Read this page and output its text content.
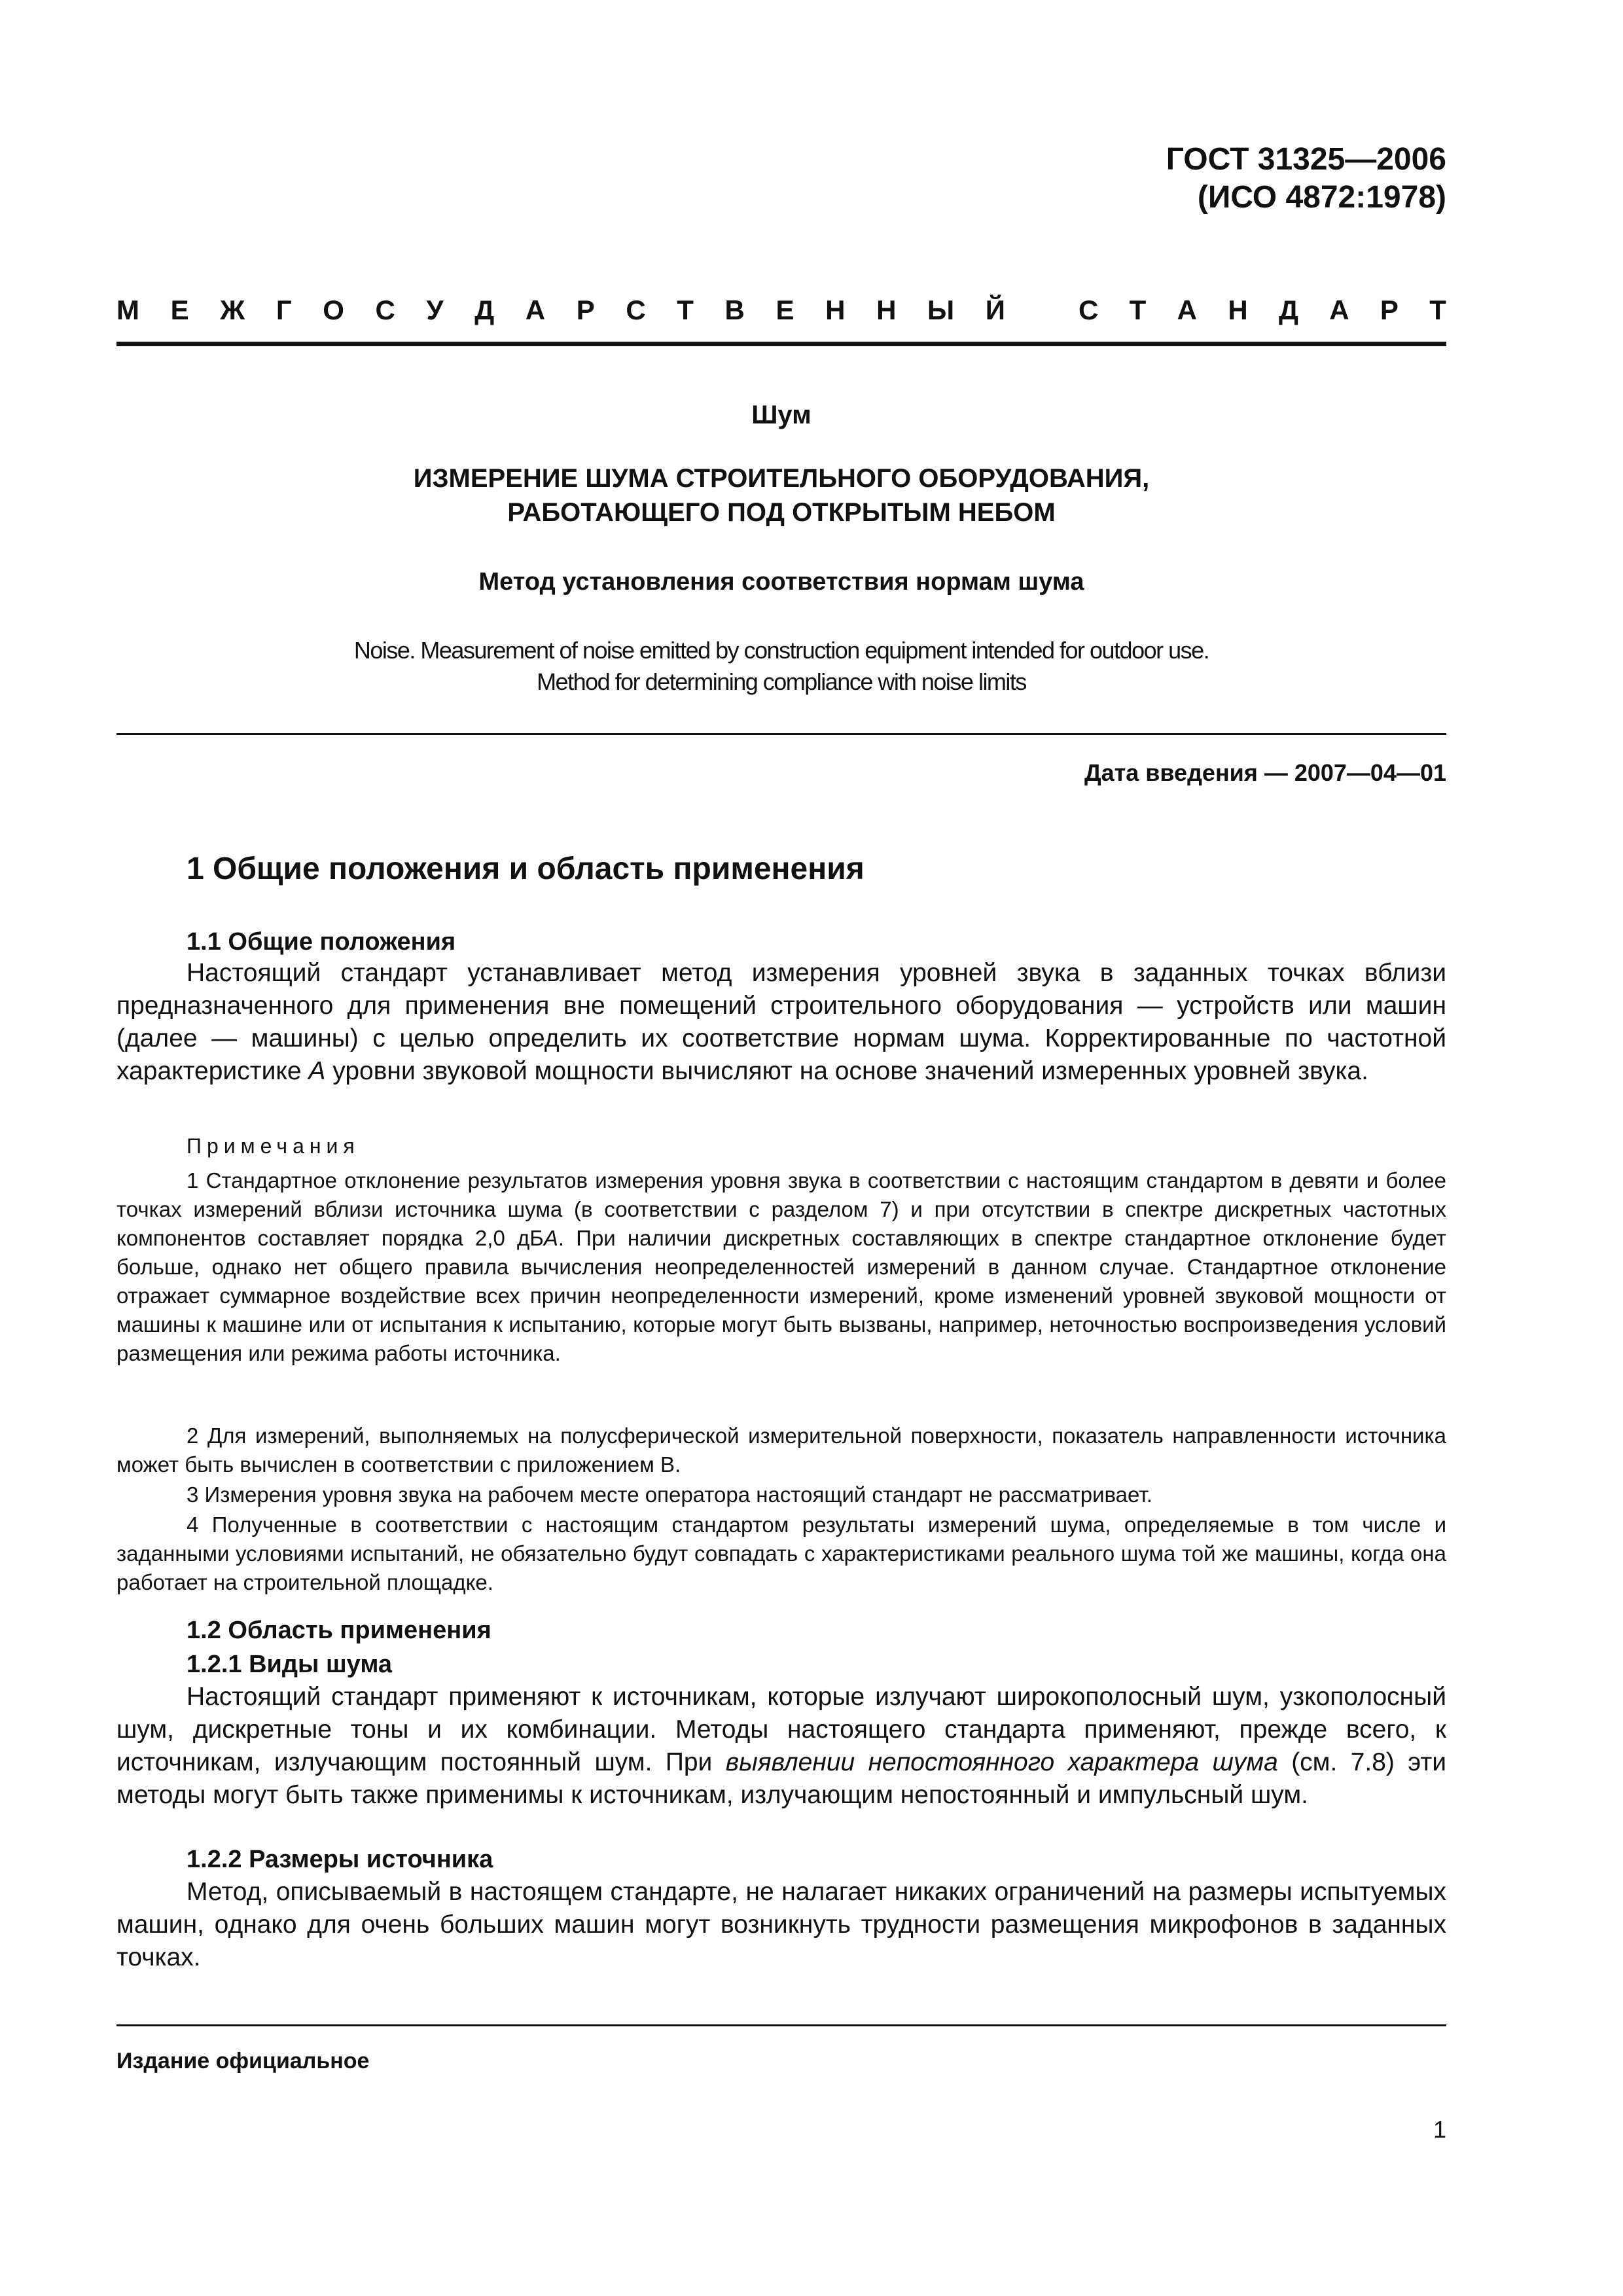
ГОСТ 31325—2006
(ИСО 4872:1978)
М Е Ж Г О С У Д А Р С Т В Е Н Н Ы Й	С Т А Н Д А Р Т
Шум
ИЗМЕРЕНИЕ ШУМА СТРОИТЕЛЬНОГО ОБОРУДОВАНИЯ,
РАБОТАЮЩЕГО ПОД ОТКРЫТЫМ НЕБОМ
Метод установления соответствия нормам шума
Noise. Measurement of noise emitted by construction equipment intended for outdoor use.
Method for determining compliance with noise limits
Дата введения — 2007—04—01
1 Общие положения и область применения
1.1 Общие положения
Настоящий стандарт устанавливает метод измерения уровней звука в заданных точках вблизи предназначенного для применения вне помещений строительного оборудования — устройств или машин (далее — машины) с целью определить их соответствие нормам шума. Корректированные по частотной характеристике А уровни звуковой мощности вычисляют на основе значений измеренных уровней звука.
Примечания
1 Стандартное отклонение результатов измерения уровня звука в соответствии с настоящим стандартом в девяти и более точках измерений вблизи источника шума (в соответствии с разделом 7) и при отсутствии в спектре дискретных частотных компонентов составляет порядка 2,0 дБА. При наличии дискретных составляющих в спектре стандартное отклонение будет больше, однако нет общего правила вычисления неопределенностей измерений в данном случае. Стандартное отклонение отражает суммарное воздействие всех причин неопределенности измерений, кроме изменений уровней звуковой мощности от машины к машине или от испытания к испытанию, которые могут быть вызваны, например, неточностью воспроизведения условий размещения или режима работы источника.
2 Для измерений, выполняемых на полусферической измерительной поверхности, показатель направленности источника может быть вычислен в соответствии с приложением В.
3 Измерения уровня звука на рабочем месте оператора настоящий стандарт не рассматривает.
4 Полученные в соответствии с настоящим стандартом результаты измерений шума, определяемые в том числе и заданными условиями испытаний, не обязательно будут совпадать с характеристиками реального шума той же машины, когда она работает на строительной площадке.
1.2 Область применения
1.2.1 Виды шума
Настоящий стандарт применяют к источникам, которые излучают широкополосный шум, узкополосный шум, дискретные тоны и их комбинации. Методы настоящего стандарта применяют, прежде всего, к источникам, излучающим постоянный шум. При выявлении непостоянного характера шума (см. 7.8) эти методы могут быть также применимы к источникам, излучающим непостоянный и импульсный шум.
1.2.2 Размеры источника
Метод, описываемый в настоящем стандарте, не налагает никаких ограничений на размеры испытуемых машин, однако для очень больших машин могут возникнуть трудности размещения микрофонов в заданных точках.
Издание официальное
1
